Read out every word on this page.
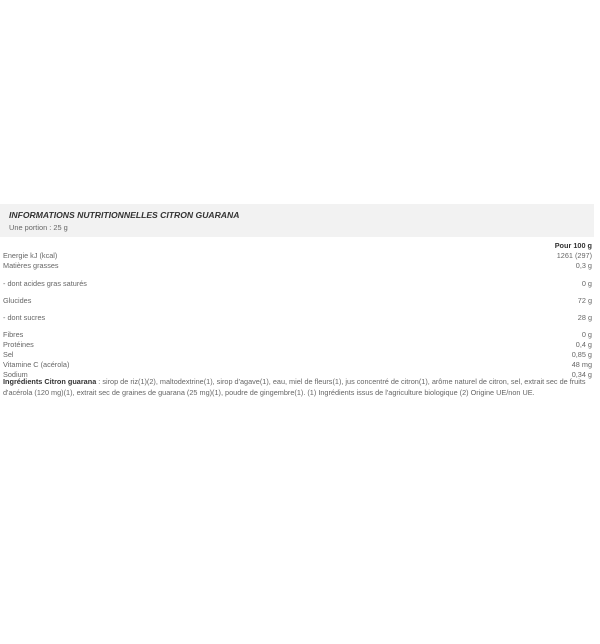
INFORMATIONS NUTRITIONNELLES CITRON GUARANA
Une portion : 25 g
Pour 100 g
Energie kJ (kcal)	1261 (297)
Matières grasses	0,3 g
- dont acides gras saturés	0 g
Glucides	72 g
- dont sucres	28 g
Fibres	0 g
Protéines	0,4 g
Sel	0,85 g
Vitamine C (acérola)	48 mg
Sodium	0,34 g
Ingrédients Citron guarana : sirop de riz(1)(2), maltodextrine(1), sirop d'agave(1), eau, miel de fleurs(1), jus concentré de citron(1), arôme naturel de citron, sel, extrait sec de fruits d'acérola (120 mg)(1), extrait sec de graines de guarana (25 mg)(1), poudre de gingembre(1). (1) Ingrédients issus de l'agriculture biologique (2) Origine UE/non UE.
